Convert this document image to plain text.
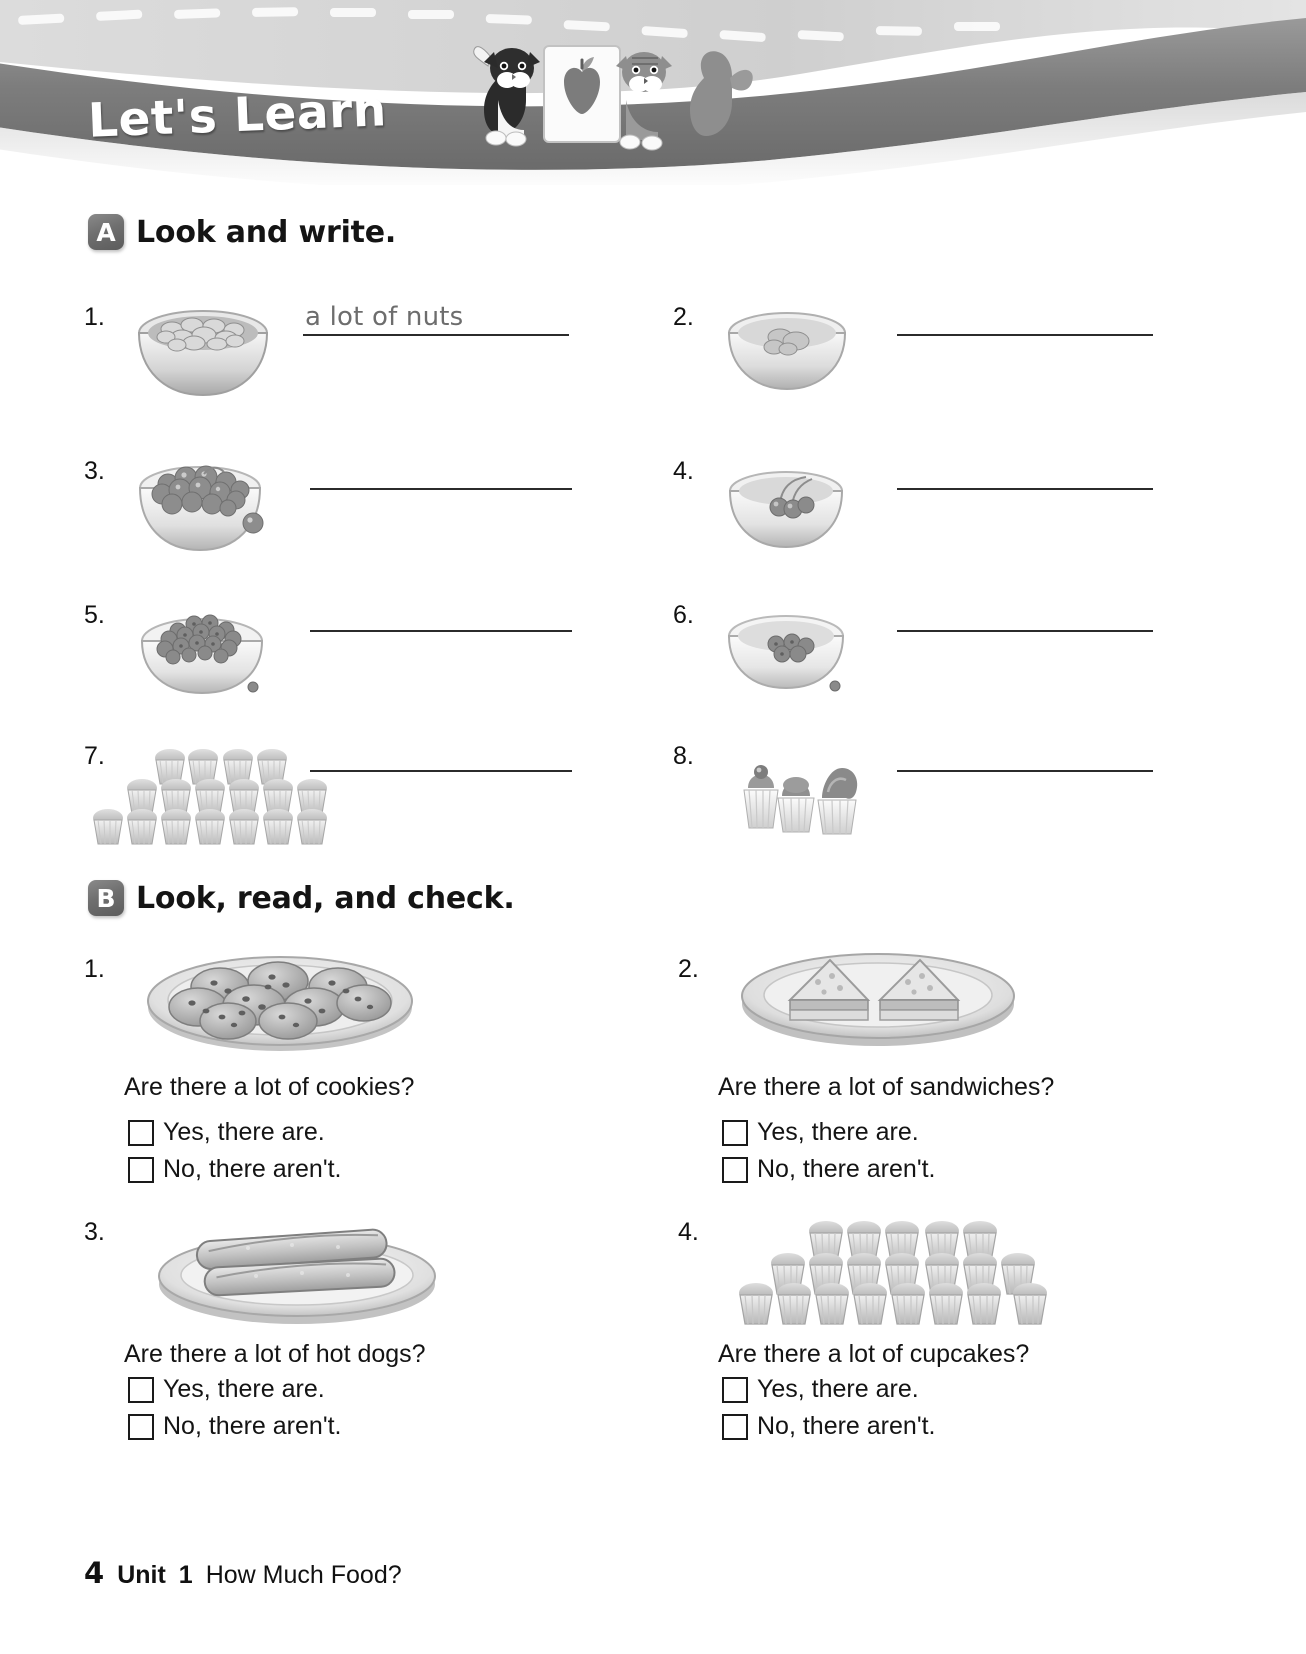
Let's Learn
A Look and write.
1.	a lot of nuts	2.
3.	4.
5.	6.
7.	8.
B Look, read, and check.
1.
Are there a lot of cookies?
Yes, there are.
No, there aren't.
2.
Are there a lot of sandwiches?
Yes, there are.
No, there aren't.
3.
Are there a lot of hot dogs?
Yes, there are.
No, there aren't.
4.
Are there a lot of cupcakes?
Yes, there are.
No, there aren't.
4 Unit 1 How Much Food?
